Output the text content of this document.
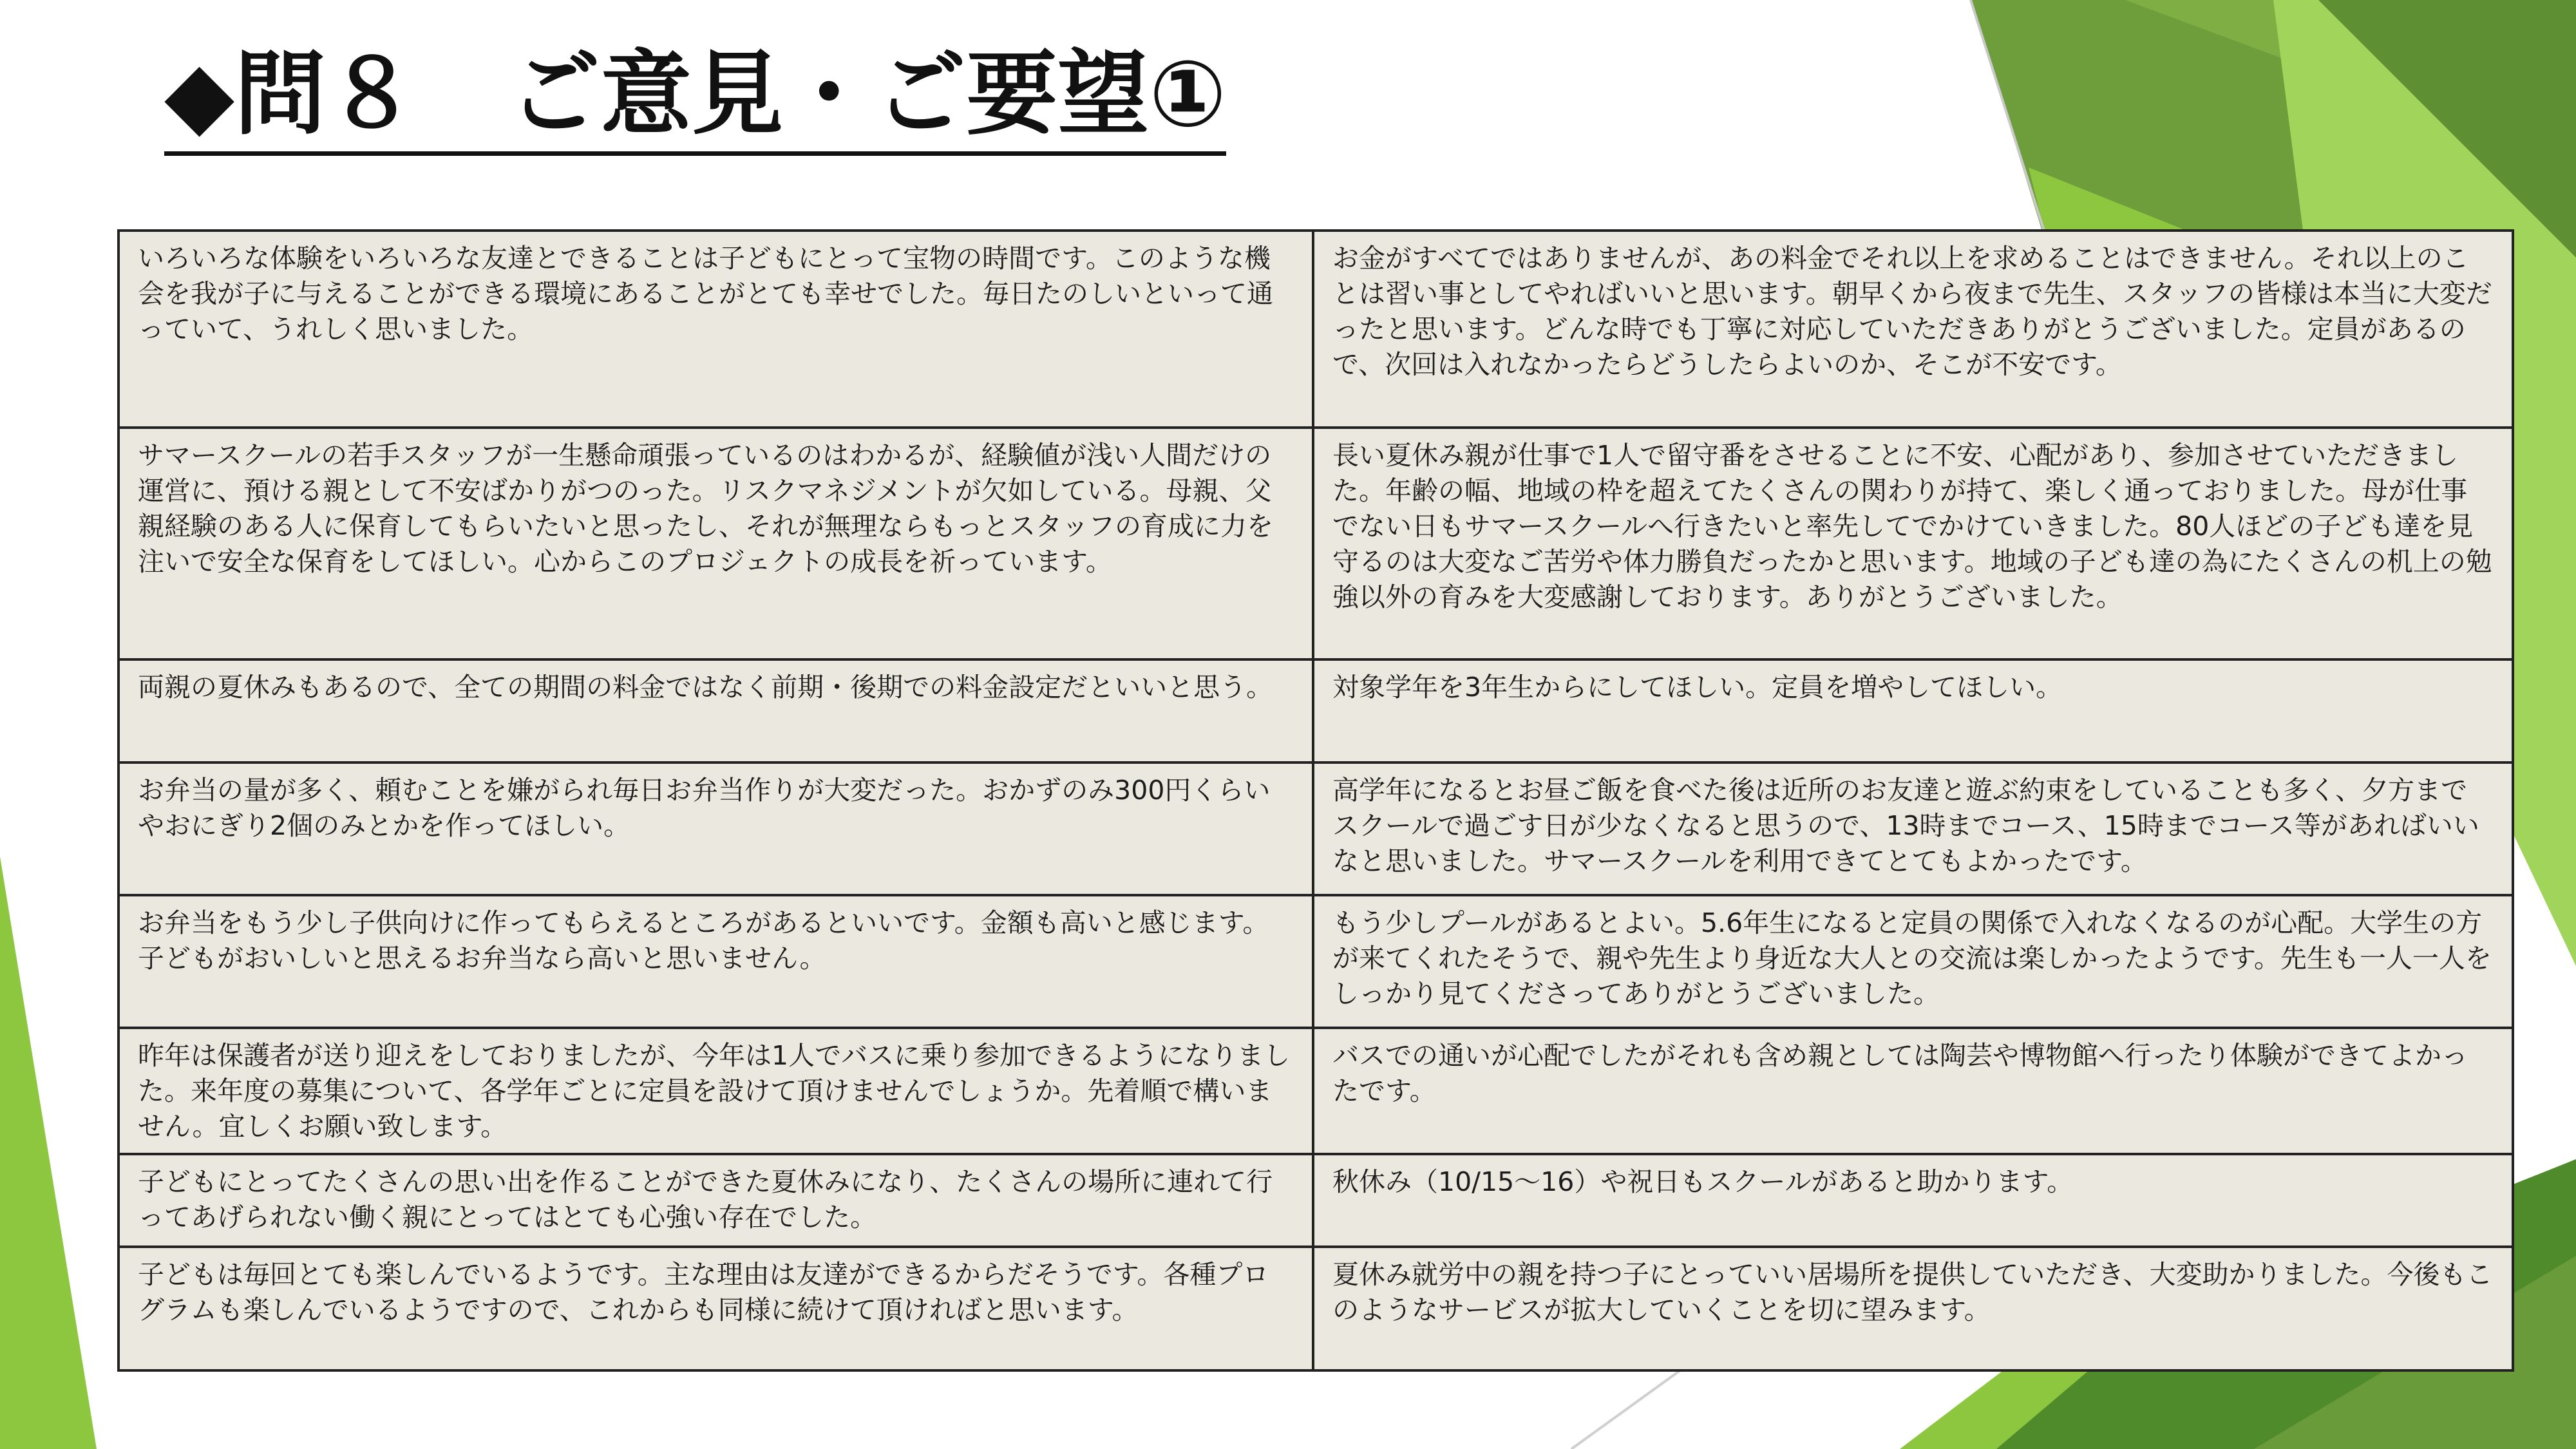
◆問８　ご意見・ご要望①
いろいろな体験をいろいろな友達とできることは子どもにとって宝物の時間です。このような機会を我が子に与えることができる環境にあることがとても幸せでした。毎日たのしいといって通っていて、うれしく思いました。	お金がすべてではありませんが、あの料金でそれ以上を求めることはできません。それ以上のことは習い事としてやればいいと思います。朝早くから夜まで先生、スタッフの皆様は本当に大変だったと思います。どんな時でも丁寧に対応していただきありがとうございました。定員があるので、次回は入れなかったらどうしたらよいのか、そこが不安です。
サマースクールの若手スタッフが一生懸命頑張っているのはわかるが、経験値が浅い人間だけの運営に、預ける親として不安ばかりがつのった。リスクマネジメントが欠如している。母親、父親経験のある人に保育してもらいたいと思ったし、それが無理ならもっとスタッフの育成に力を注いで安全な保育をしてほしい。心からこのプロジェクトの成長を祈っています。	長い夏休み親が仕事で1人で留守番をさせることに不安、心配があり、参加させていただきました。年齢の幅、地域の枠を超えてたくさんの関わりが持て、楽しく通っておりました。母が仕事でない日もサマースクールへ行きたいと率先してでかけていきました。80人ほどの子ども達を見守るのは大変なご苦労や体力勝負だったかと思います。地域の子ども達の為にたくさんの机上の勉強以外の育みを大変感謝しております。ありがとうございました。
両親の夏休みもあるので、全ての期間の料金ではなく前期・後期での料金設定だといいと思う。	対象学年を3年生からにしてほしい。定員を増やしてほしい。
お弁当の量が多く、頼むことを嫌がられ毎日お弁当作りが大変だった。おかずのみ300円くらいやおにぎり2個のみとかを作ってほしい。	高学年になるとお昼ご飯を食べた後は近所のお友達と遊ぶ約束をしていることも多く、夕方までスクールで過ごす日が少なくなると思うので、13時までコース、15時までコース等があればいいなと思いました。サマースクールを利用できてとてもよかったです。
お弁当をもう少し子供向けに作ってもらえるところがあるといいです。金額も高いと感じます。子どもがおいしいと思えるお弁当なら高いと思いません。	もう少しプールがあるとよい。5.6年生になると定員の関係で入れなくなるのが心配。大学生の方が来てくれたそうで、親や先生より身近な大人との交流は楽しかったようです。先生も一人一人をしっかり見てくださってありがとうございました。
昨年は保護者が送り迎えをしておりましたが、今年は1人でバスに乗り参加できるようになりました。来年度の募集について、各学年ごとに定員を設けて頂けませんでしょうか。先着順で構いません。宜しくお願い致します。	バスでの通いが心配でしたがそれも含め親としては陶芸や博物館へ行ったり体験ができてよかったです。
子どもにとってたくさんの思い出を作ることができた夏休みになり、たくさんの場所に連れて行ってあげられない働く親にとってはとても心強い存在でした。	秋休み（10/15～16）や祝日もスクールがあると助かります。
子どもは毎回とても楽しんでいるようです。主な理由は友達ができるからだそうです。各種プログラムも楽しんでいるようですので、これからも同様に続けて頂ければと思います。	夏休み就労中の親を持つ子にとっていい居場所を提供していただき、大変助かりました。今後もこのようなサービスが拡大していくことを切に望みます。
